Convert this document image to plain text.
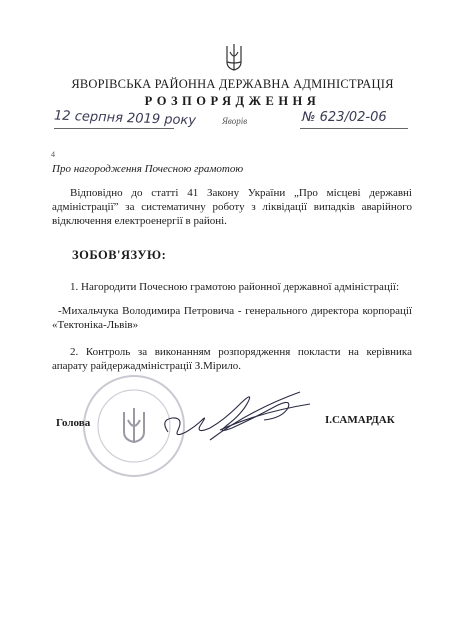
ЯВОРІВСЬКА РАЙОННА ДЕРЖАВНА АДМІНІСТРАЦІЯ
РОЗПОРЯДЖЕННЯ
12 серпня 2019 року	Яворів	№ 623/02-06
4
Про нагородження Почесною грамотою
Відповідно до статті 41 Закону України „Про місцеві державні адміністрації” за систематичну роботу з ліквідації випадків аварійного відключення електроенергії в районі.
ЗОБОВ'ЯЗУЮ:
1. Нагородити Почесною грамотою районної державної адміністрації:
-Михальчука Володимира Петровича - генерального директора корпорації «Тектоніка-Львів»
2. Контроль за виконанням розпорядження покласти на керівника апарату райдержадміністрації З.Мірило.
Голова	І.САМАРДАК
